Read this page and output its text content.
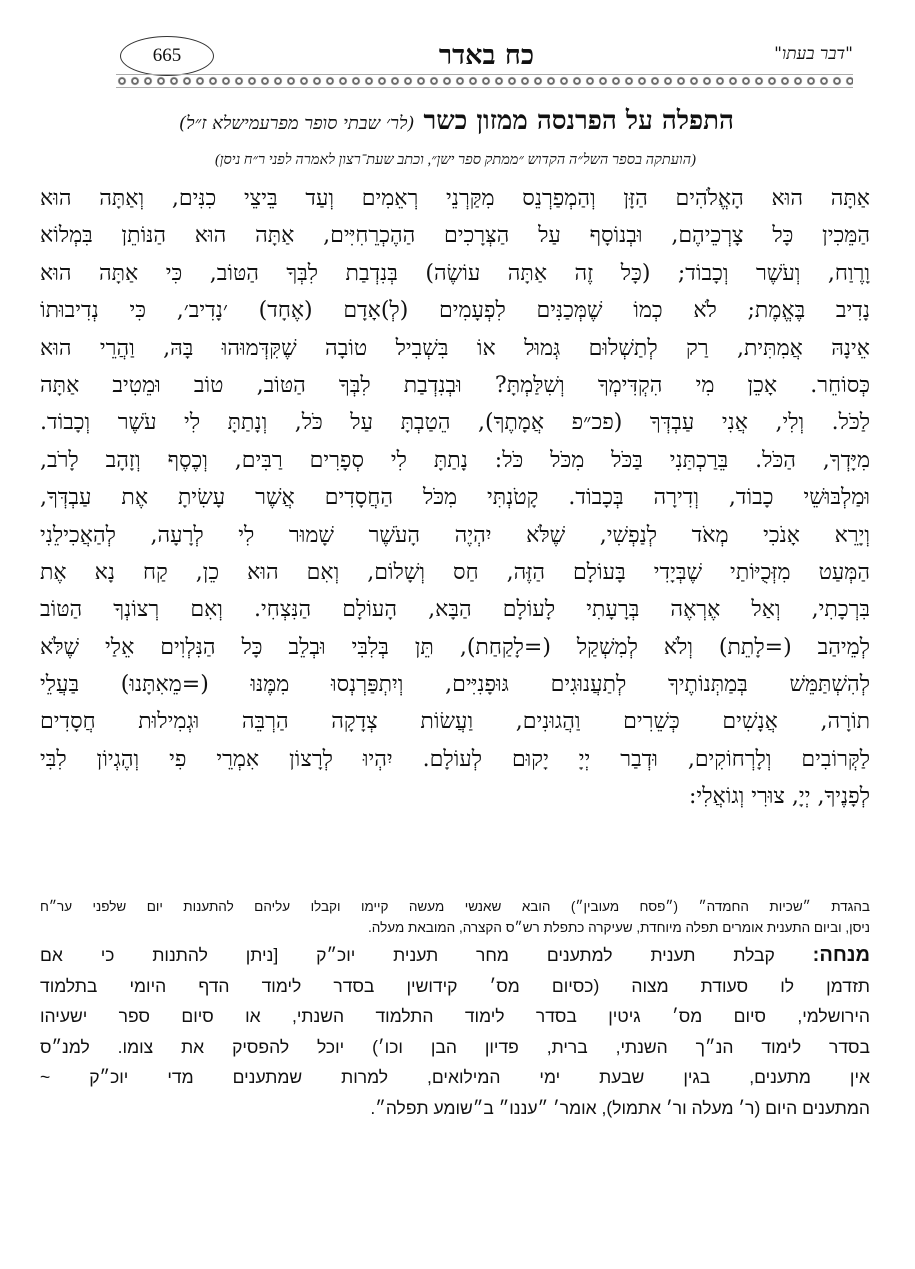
"דבר בעתו"
כח באדר
665
התפלה על הפרנסה ממזון כשר (לר׳ שבתי סופר מפרעמישלא ז״ל)
(הועתקה בספר השל״ה הקדוש ״ממתק ספר ישן״, וכתב שעת־רצון לאמרה לפני ר״ח ניסן)
אַתָּה הוּא הָאֱלֹהִים הַזָּן וְהַמְפַרְנֵס מִקַּרְנֵי רְאֵמִים וְעַד בֵּיצֵי כִנִּים, וְאַתָּה הוּא
הַמֵּכִין כָּל צָרְכֵיהֶם, וּבְנוֹסָף עַל הַצְּרָכִים הַהֶכְרֵחִיִּים, אַתָּה הוּא הַנּוֹתֵן בִּמְלוֹא
וָרֶוַח, וְעֹשֶׁר וְכָבוֹד; (כָּל זֶה אַתָּה עוֹשֶׂה) בְּנִדְבַת לִבְּךָ הַטּוֹב, כִּי אַתָּה הוּא
נָדִיב בֶּאֱמֶת; לֹא כְמוֹ שֶׁמְּכַנִּים לִפְעָמִים (לְ)אָדָם (אֶחָד) ׳נָדִיב׳, כִּי נְדִיבוּתוֹ
אֵינָהּ אֲמִתִּית, רַק לְתַשְׁלוּם גְּמוּל אוֹ בִּשְׁבִיל טוֹבָה שֶׁקִּדְּמוּהוּ בָּהּ, וַהֲרֵי הוּא
כְּסוֹחֵר. אָכֵן מִי הִקְדִּימְךָ וְשִׁלַּמְתָּ? וּבְנִדְבַת לִבְּךָ הַטּוֹב, טוֹב וּמֵטִיב אַתָּה
לַכֹּל. וְלִי, אֲנִי עַבְדְּךָ (פכ״פ אֲמָתֶךָ), הֵטַבְתָּ עַל כֹּל, וְנָתַתָּ לִי עֹשֶׁר וְכָבוֹד.
מִיָּדְךָ, הַכֹּל. בֵּרַכְתַּנִי בַּכֹּל מִכֹּל כֹּל: נָתַתָּ לִי סְפָרִים רַבִּים, וְכֶסֶף וְזָהָב לָרֹב,
וּמַלְבּוּשֵׁי כָבוֹד, וְדִירָה בְּכָבוֹד. קָטֹנְתִּי מִכֹּל הַחֲסָדִים אֲשֶׁר עָשִׂיתָ אֶת עַבְדְּךָ,
וְיָרֵא אָנֹכִי מְאֹד לְנַפְשִׁי, שֶׁלֹּא יִהְיֶה הָעֹשֶׁר שָׁמוּר לִי לְרָעָה, לְהַאֲכִילֵנִי
הַמְּעַט מִזְּכֻיּוֹתַי שֶׁבְּיָדִי בָּעוֹלָם הַזֶּה, חַס וְשָׁלוֹם, וְאִם הוּא כֵן, קַח נָא אֶת
בִּרְכָתִי, וְאַל אֶרְאֶה בְּרָעָתִי לָעוֹלָם הַבָּא, הָעוֹלָם הַנִּצְחִי. וְאִם רְצוֹנְךָ הַטּוֹב
לְמֵיהַב (=לָתֵת) וְלֹא לְמִשְׁקַל (=לָקַחַת), תֵּן בְּלִבִּי וּבְלֵב כָּל הַנִּלְוִים אֵלַי שֶׁלֹּא
לְהִשְׁתַּמֵּשׁ בְּמַתְּנוֹתֶיךָ לְתַעֲנוּגִים גּוּפָנִיִּים, וְיִתְפַּרְנְסוּ מִמֶּנּוּ (=מֵאִתָּנוּ) בַּעֲלֵי
תוֹרָה, אֲנָשִׁים כְּשֵׁרִים וַהֲגוּנִים, וַעֲשׂוֹת צְדָקָה הַרְבֵּה וּגְמִילוּת חֲסָדִים
לַקְּרוֹבִים וְלָרְחוֹקִים, וּדְבַר יְיָ יָקוּם לְעוֹלָם. יִהְיוּ לְרָצוֹן אִמְרֵי פִי וְהֶגְיוֹן לִבִּי
לְפָנֶיךָ, יְיָ, צוּרִי וְגוֹאֲלִי:
בהגדת ״שכיות החמדה״ (״פסח מעובין״) הובא שאנשי מעשה קיימו וקבלו עליהם להתענות יום שלפני ער״ח
ניסן, וביום התענית אומרים תפלה מיוחדת, שעיקרה כתפלת רש״ס הקצרה, המובאת מעלה.
מנחה: קבלת תענית למתענים מחר תענית יוכ״ק [ניתן להתנות כי אם
תזדמן לו סעודת מצוה (כסיום מס׳ קידושין בסדר לימוד הדף היומי בתלמוד
הירושלמי, סיום מס׳ גיטין בסדר לימוד התלמוד השנתי, או סיום ספר ישעיהו
בסדר לימוד הנ״ך השנתי, ברית, פדיון הבן וכו׳) יוכל להפסיק את צומו. למנ״ס
אין מתענים, בגין שבעת ימי המילואים, למרות שמתענים מדי יוכ״ק ~
המתענים היום (ר׳ מעלה ור׳ אתמול), אומר׳ ״עננו״ ב״שומע תפלה״.
